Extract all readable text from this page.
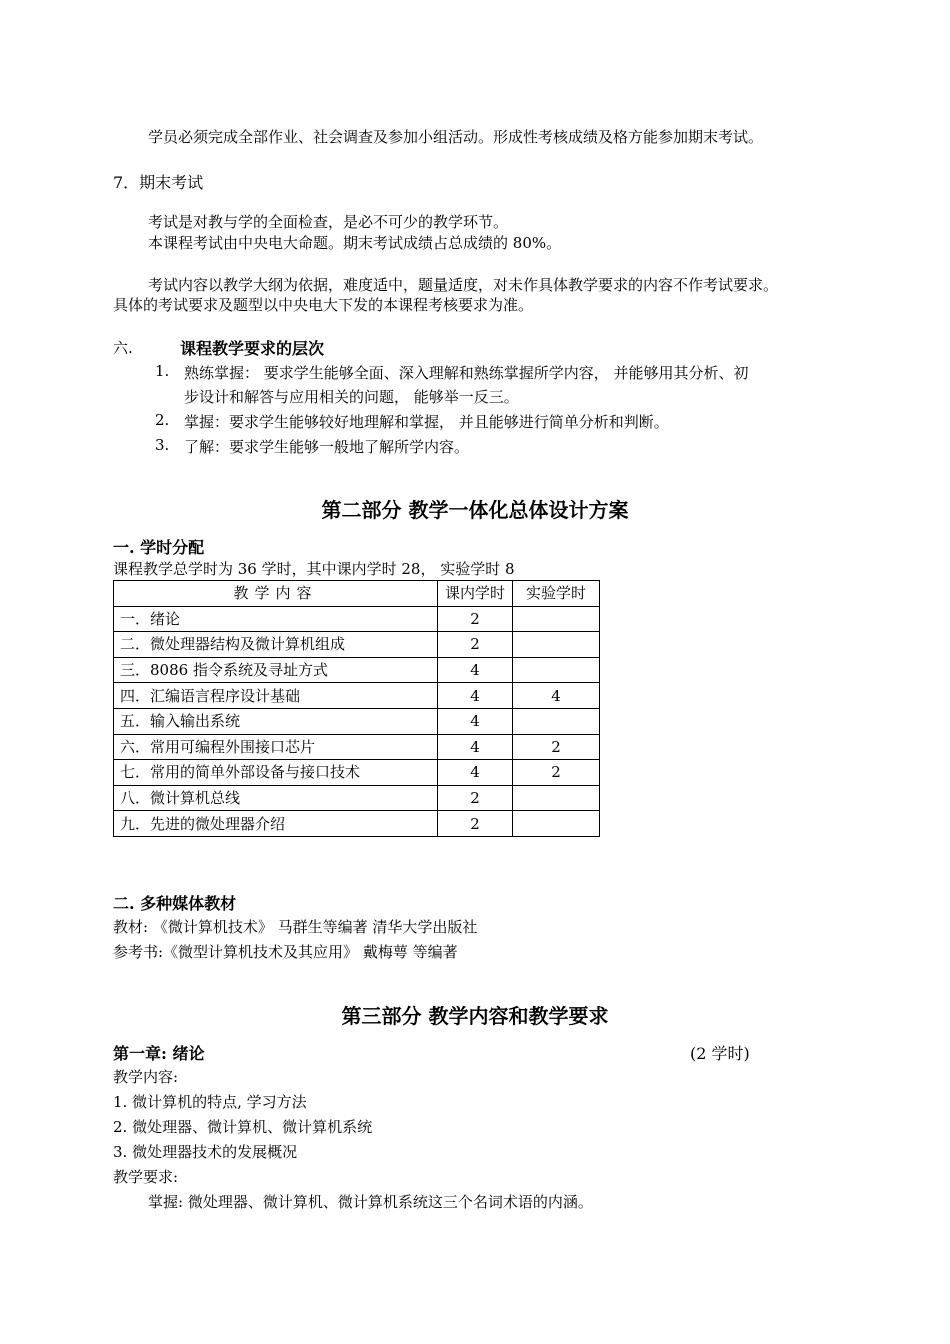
学员必须完成全部作业、社会调查及参加小组活动。形成性考核成绩及格方能参加期末考试。
7．期末考试
考试是对教与学的全面检查，是必不可少的教学环节。
本课程考试由中央电大命题。期末考试成绩占总成绩的 80%。
考试内容以教学大纲为依据，难度适中，题量适度，对未作具体教学要求的内容不作考试要求。
具体的考试要求及题型以中央电大下发的本课程考核要求为准。
六.	课程教学要求的层次
1. 熟练掌握： 要求学生能够全面、深入理解和熟练掌握所学内容， 并能够用其分析、初
步设计和解答与应用相关的问题， 能够举一反三。
2. 掌握：要求学生能够较好地理解和掌握， 并且能够进行简单分析和判断。
3. 了解：要求学生能够一般地了解所学内容。
第二部分 教学一体化总体设计方案
一. 学时分配
课程教学总学时为 36 学时，其中课内学时 28， 实验学时 8
教学内容	课内学时	实验学时
一．绪论	2	
二．微处理器结构及微计算机组成	2	
三．8086 指令系统及寻址方式	4	
四．汇编语言程序设计基础	4	4
五．输入输出系统	4	
六．常用可编程外围接口芯片	4	2
七．常用的简单外部设备与接口技术	4	2
八．微计算机总线	2	
九．先进的微处理器介绍	2	
二. 多种媒体教材
教材: 《微计算机技术》 马群生等编著 清华大学出版社
参考书:《微型计算机技术及其应用》 戴梅萼 等编著
第三部分 教学内容和教学要求
第一章: 绪论	(2 学时)
教学内容:
1. 微计算机的特点, 学习方法
2. 微处理器、微计算机、微计算机系统
3. 微处理器技术的发展概况
教学要求:
掌握: 微处理器、微计算机、微计算机系统这三个名词术语的内涵。
